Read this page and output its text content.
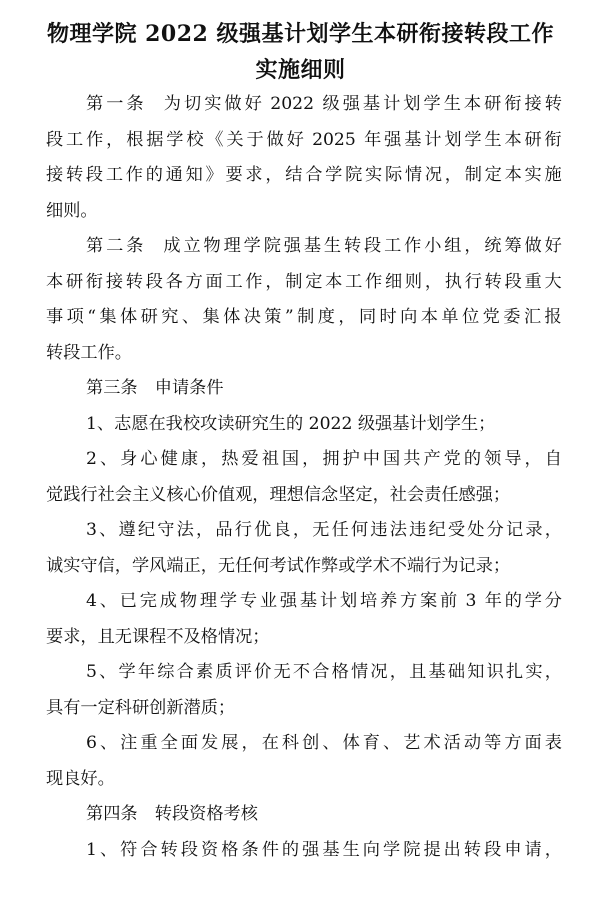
物理学院 2022 级强基计划学生本研衔接转段工作
实施细则
第 一 条　 为 切 实 做 好 2022 级 强 基 计 划 学 生 本 研 衔 接 转
段 工 作 ， 根 据 学 校 《 关 于 做 好 2025 年 强 基 计 划 学 生 本 研 衔
接 转 段 工 作 的 通 知 》 要 求 ， 结 合 学 院 实 际 情 况 ， 制 定 本 实 施
细则。
第 二 条　 成 立 物 理 学 院 强 基 生 转 段 工 作 小 组 ， 统 筹 做 好
本 研 衔 接 转 段 各 方 面 工 作 ， 制 定 本 工 作 细 则 ， 执 行 转 段 重 大
事 项 “ 集 体 研 究 、 集 体 决 策 ” 制 度 ， 同 时 向 本 单 位 党 委 汇 报
转段工作。
第三条　申请条件
1、志愿在我校攻读研究生的 2022 级强基计划学生；
2 、 身 心 健 康 ， 热 爱 祖 国 ， 拥 护 中 国 共 产 党 的 领 导 ， 自
觉践行社会主义核心价值观，理想信念坚定，社会责任感强；
3 、 遵 纪 守 法 ， 品 行 优 良 ， 无 任 何 违 法 违 纪 受 处 分 记 录 ，
诚实守信，学风端正，无任何考试作弊或学术不端行为记录；
4 、 已 完 成 物 理 学 专 业 强 基 计 划 培 养 方 案 前 3 年 的 学 分
要求，且无课程不及格情况；
5 、 学 年 综 合 素 质 评 价 无 不 合 格 情 况 ， 且 基 础 知 识 扎 实 ，
具有一定科研创新潜质；
6 、 注 重 全 面 发 展 ， 在 科 创 、 体 育 、 艺 术 活 动 等 方 面 表
现良好。
第四条　转段资格考核
1 、 符 合 转 段 资 格 条 件 的 强 基 生 向 学 院 提 出 转 段 申 请 ，
